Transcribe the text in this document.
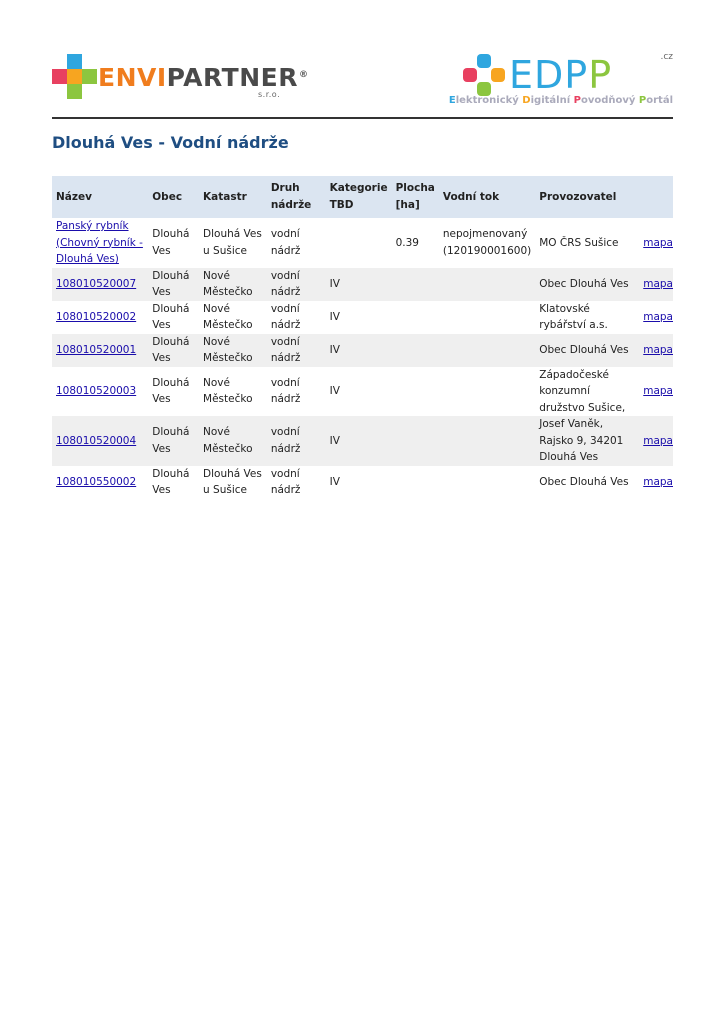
ENVIPARTNER®
s.r.o.	EDPP	.cz
Elektronický Digitální Povodňový Portál
Dlouhá Ves - Vodní nádrže
Název	Obec	Katastr	Druh nádrže	Kategorie TBD	Plocha [ha]	Vodní tok	Provozovatel	
Panský rybník (Chovný rybník - Dlouhá Ves)	Dlouhá Ves	Dlouhá Ves u Sušice	vodní nádrž		0.39	nepojmenovaný (120190001600)	MO ČRS Sušice	mapa
108010520007	Dlouhá Ves	Nové Městečko	vodní nádrž	IV			Obec Dlouhá Ves	mapa
108010520002	Dlouhá Ves	Nové Městečko	vodní nádrž	IV			Klatovské rybářství a.s.	mapa
108010520001	Dlouhá Ves	Nové Městečko	vodní nádrž	IV			Obec Dlouhá Ves	mapa
108010520003	Dlouhá Ves	Nové Městečko	vodní nádrž	IV			Západočeské konzumní družstvo Sušice,	mapa
108010520004	Dlouhá Ves	Nové Městečko	vodní nádrž	IV			Josef Vaněk, Rajsko 9, 34201 Dlouhá Ves	mapa
108010550002	Dlouhá Ves	Dlouhá Ves u Sušice	vodní nádrž	IV			Obec Dlouhá Ves	mapa
